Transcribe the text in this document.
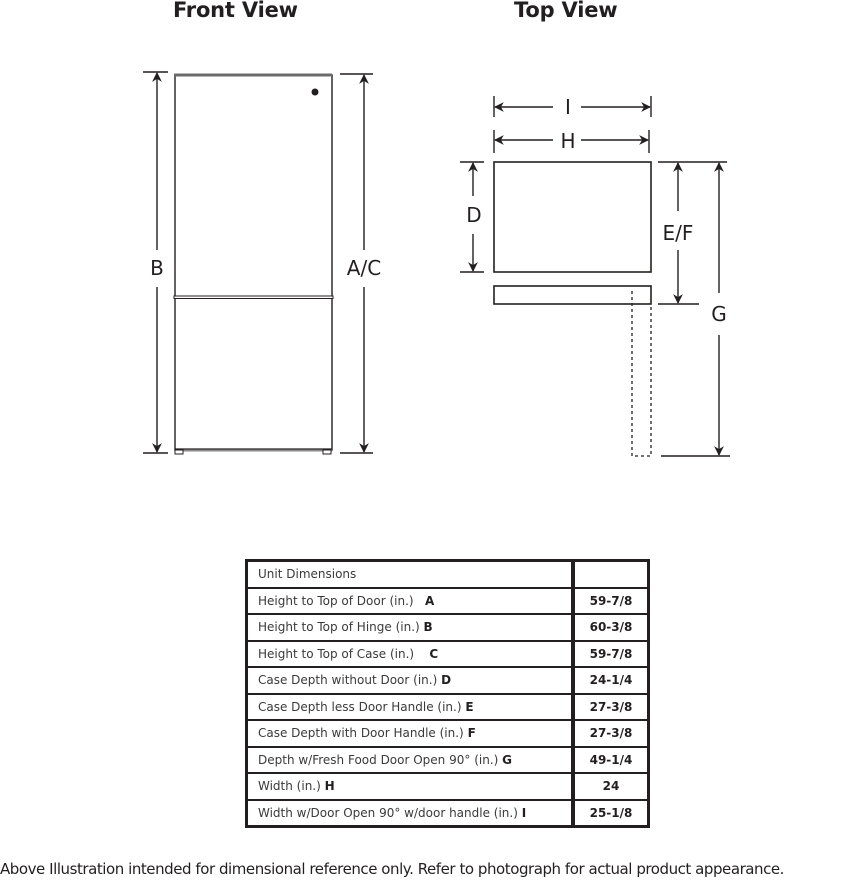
Front View	Top View
B	A/C
I
H
D
E/F
G
Unit Dimensions	
Height to Top of Door (in.) A	59-7/8
Height to Top of Hinge (in.) B	60-3/8
Height to Top of Case (in.) C	59-7/8
Case Depth without Door (in.) D	24-1/4
Case Depth less Door Handle (in.) E	27-3/8
Case Depth with Door Handle (in.) F	27-3/8
Depth w/Fresh Food Door Open 90° (in.) G	49-1/4
Width (in.) H	24
Width w/Door Open 90° w/door handle (in.) I	25-1/8
Above Illustration intended for dimensional reference only. Refer to photograph for actual product appearance.
